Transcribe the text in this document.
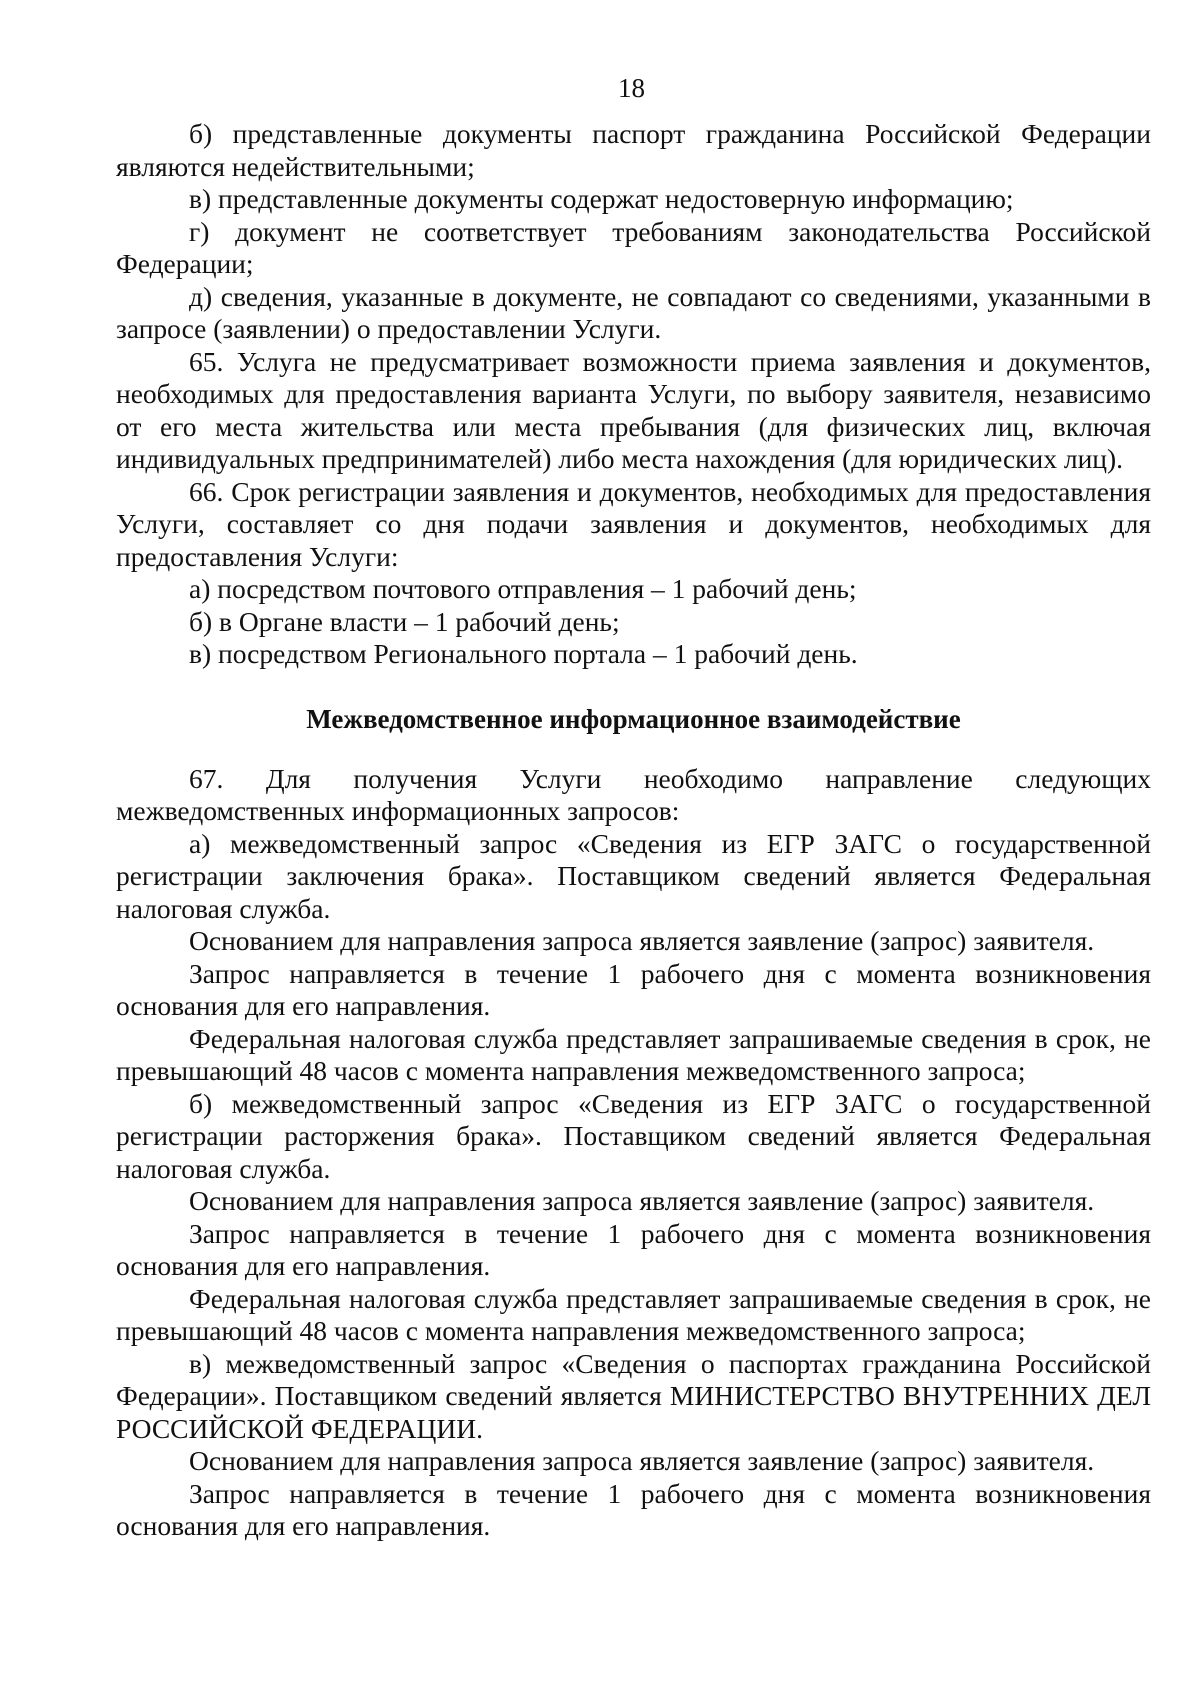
18

б) представленные документы паспорт гражданина Российской Федерации являются недействительными;

в) представленные документы содержат недостоверную информацию;

г) документ не соответствует требованиям законодательства Российской Федерации;

д) сведения, указанные в документе, не совпадают со сведениями, указанными в запросе (заявлении) о предоставлении Услуги.

65. Услуга не предусматривает возможности приема заявления и документов, необходимых для предоставления варианта Услуги, по выбору заявителя, независимо от его места жительства или места пребывания (для физических лиц, включая индивидуальных предпринимателей) либо места нахождения (для юридических лиц).

66. Срок регистрации заявления и документов, необходимых для предоставления Услуги, составляет со дня подачи заявления и документов, необходимых для предоставления Услуги:

а) посредством почтового отправления – 1 рабочий день;

б) в Органе власти – 1 рабочий день;

в) посредством Регионального портала – 1 рабочий день.

Межведомственное информационное взаимодействие

67. Для получения Услуги необходимо направление следующих межведомственных информационных запросов:

а) межведомственный запрос «Сведения из ЕГР ЗАГС о государственной регистрации заключения брака». Поставщиком сведений является Федеральная налоговая служба.

Основанием для направления запроса является заявление (запрос) заявителя.

Запрос направляется в течение 1 рабочего дня с момента возникновения основания для его направления.

Федеральная налоговая служба представляет запрашиваемые сведения в срок, не превышающий 48 часов с момента направления межведомственного запроса;

б) межведомственный запрос «Сведения из ЕГР ЗАГС о государственной регистрации расторжения брака». Поставщиком сведений является Федеральная налоговая служба.

Основанием для направления запроса является заявление (запрос) заявителя.

Запрос направляется в течение 1 рабочего дня с момента возникновения основания для его направления.

Федеральная налоговая служба представляет запрашиваемые сведения в срок, не превышающий 48 часов с момента направления межведомственного запроса;

в) межведомственный запрос «Сведения о паспортах гражданина Российской Федерации». Поставщиком сведений является МИНИСТЕРСТВО ВНУТРЕННИХ ДЕЛ РОССИЙСКОЙ ФЕДЕРАЦИИ.

Основанием для направления запроса является заявление (запрос) заявителя.

Запрос направляется в течение 1 рабочего дня с момента возникновения основания для его направления.
